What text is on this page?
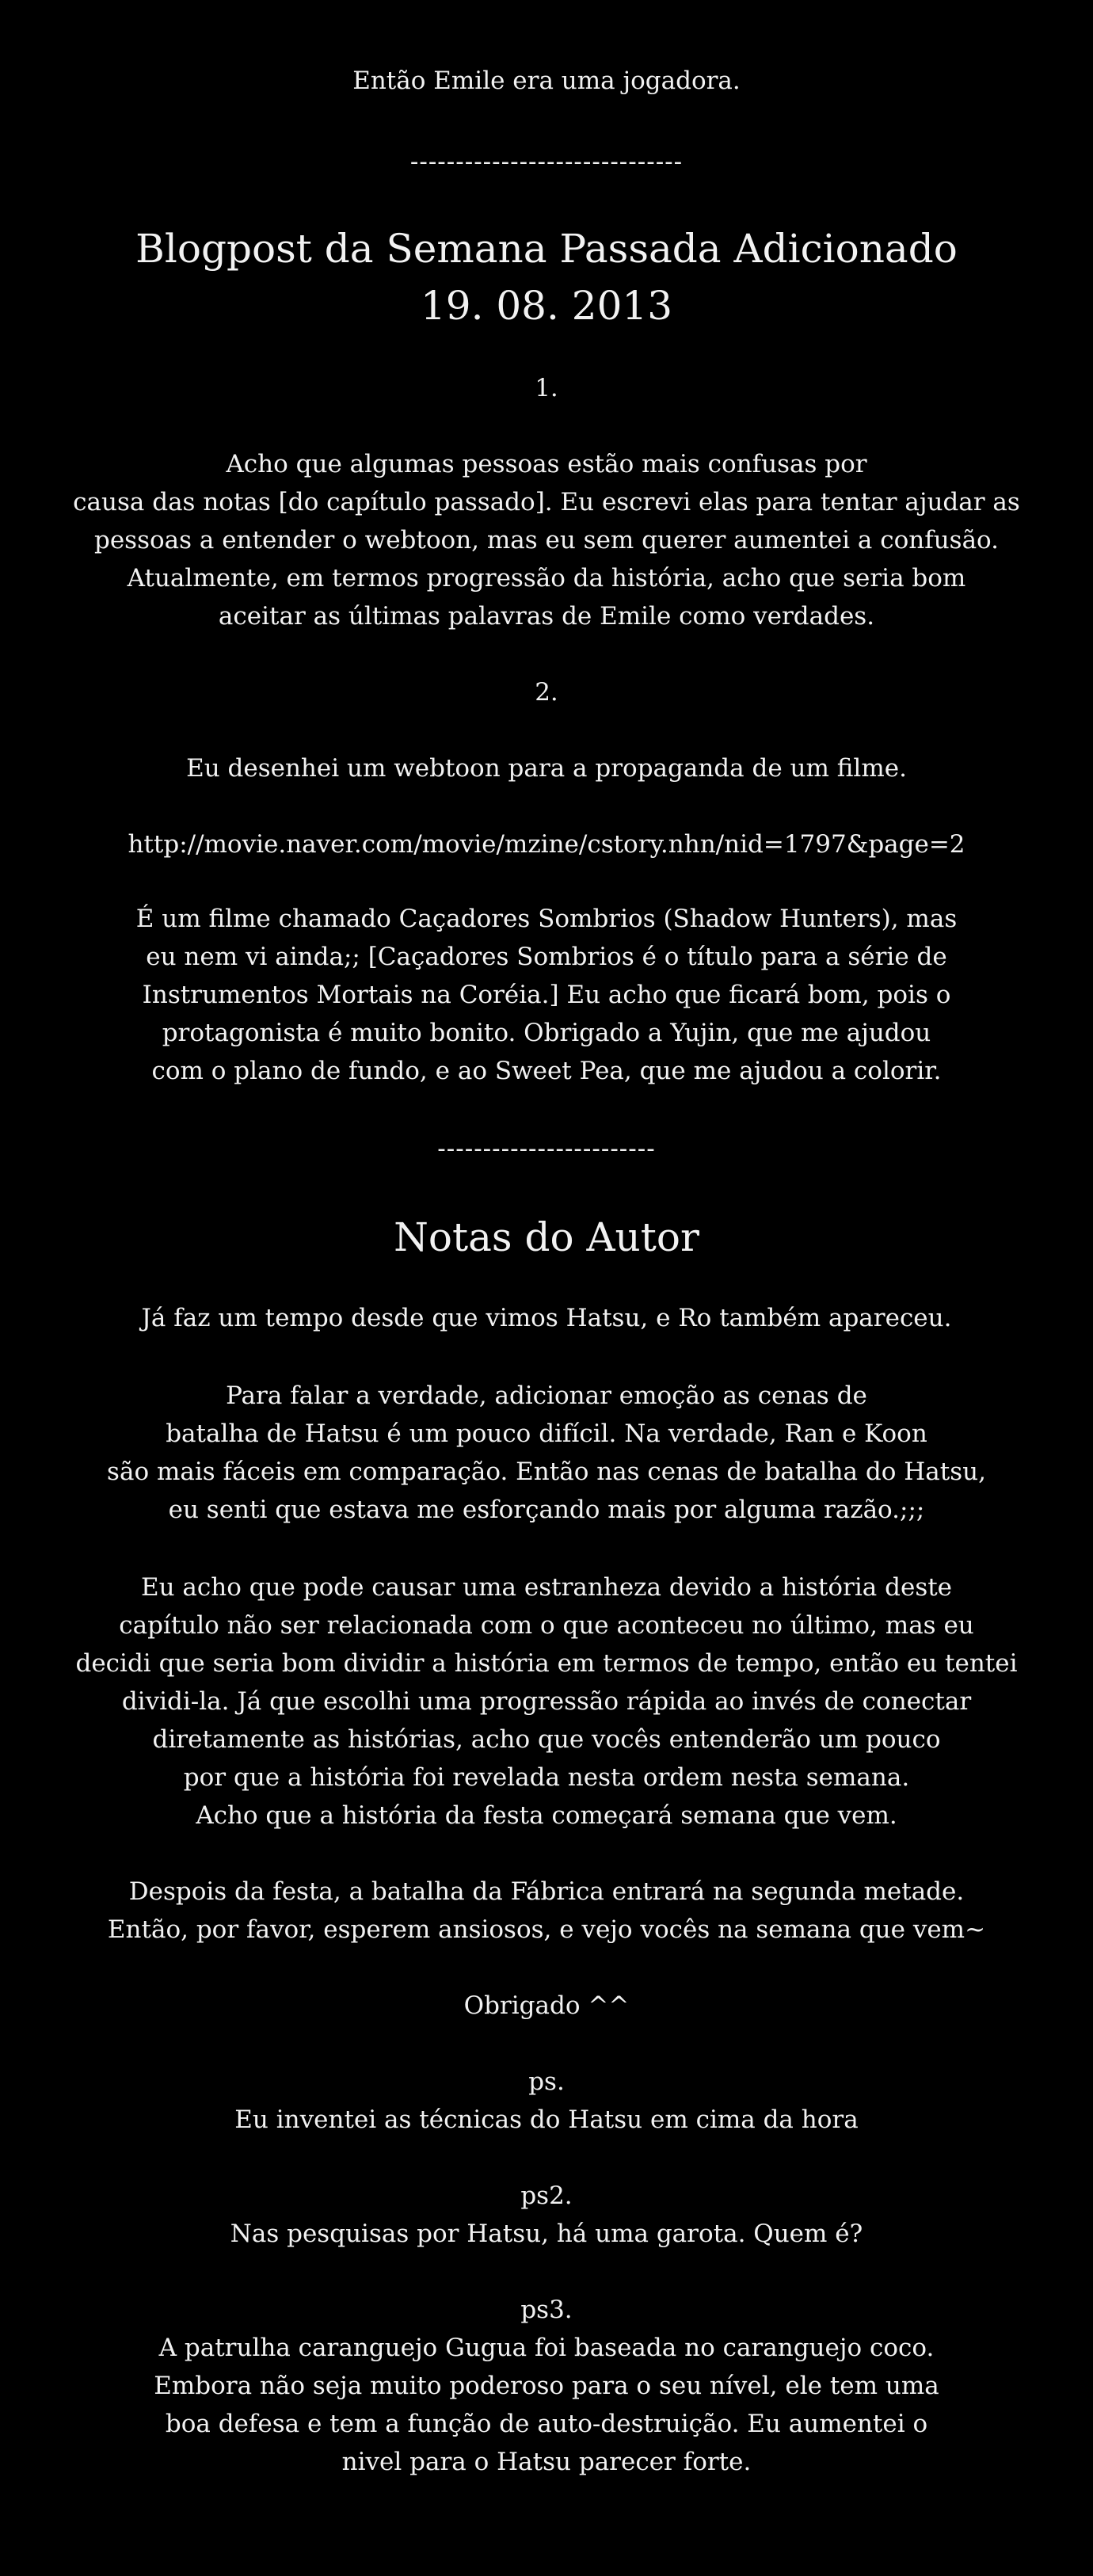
Então Emile era uma jogadora.
------------------------------
Blogpost da Semana Passada Adicionado
19. 08. 2013
1.
Acho que algumas pessoas estão mais confusas por
causa das notas [do capítulo passado]. Eu escrevi elas para tentar ajudar as
pessoas a entender o webtoon, mas eu sem querer aumentei a confusão.
Atualmente, em termos progressão da história, acho que seria bom
aceitar as últimas palavras de Emile como verdades.
2.
Eu desenhei um webtoon para a propaganda de um filme.
http://movie.naver.com/movie/mzine/cstory.nhn/nid=1797&page=2
É um filme chamado Caçadores Sombrios (Shadow Hunters), mas
eu nem vi ainda;; [Caçadores Sombrios é o título para a série de
Instrumentos Mortais na Coréia.] Eu acho que ficará bom, pois o
protagonista é muito bonito. Obrigado a Yujin, que me ajudou
com o plano de fundo, e ao Sweet Pea, que me ajudou a colorir.
------------------------
Notas do Autor
Já faz um tempo desde que vimos Hatsu, e Ro também apareceu.
Para falar a verdade, adicionar emoção as cenas de
batalha de Hatsu é um pouco difícil. Na verdade, Ran e Koon
são mais fáceis em comparação. Então nas cenas de batalha do Hatsu,
eu senti que estava me esforçando mais por alguma razão.;;;
Eu acho que pode causar uma estranheza devido a história deste
capítulo não ser relacionada com o que aconteceu no último, mas eu
decidi que seria bom dividir a história em termos de tempo, então eu tentei
dividi-la. Já que escolhi uma progressão rápida ao invés de conectar
diretamente as histórias, acho que vocês entenderão um pouco
por que a história foi revelada nesta ordem nesta semana.
Acho que a história da festa começará semana que vem.
Despois da festa, a batalha da Fábrica entrará na segunda metade.
Então, por favor, esperem ansiosos, e vejo vocês na semana que vem~
Obrigado ^^
ps.
Eu inventei as técnicas do Hatsu em cima da hora
ps2.
Nas pesquisas por Hatsu, há uma garota. Quem é?
ps3.
A patrulha caranguejo Gugua foi baseada no caranguejo coco.
Embora não seja muito poderoso para o seu nível, ele tem uma
boa defesa e tem a função de auto-destruição. Eu aumentei o
nivel para o Hatsu parecer forte.
